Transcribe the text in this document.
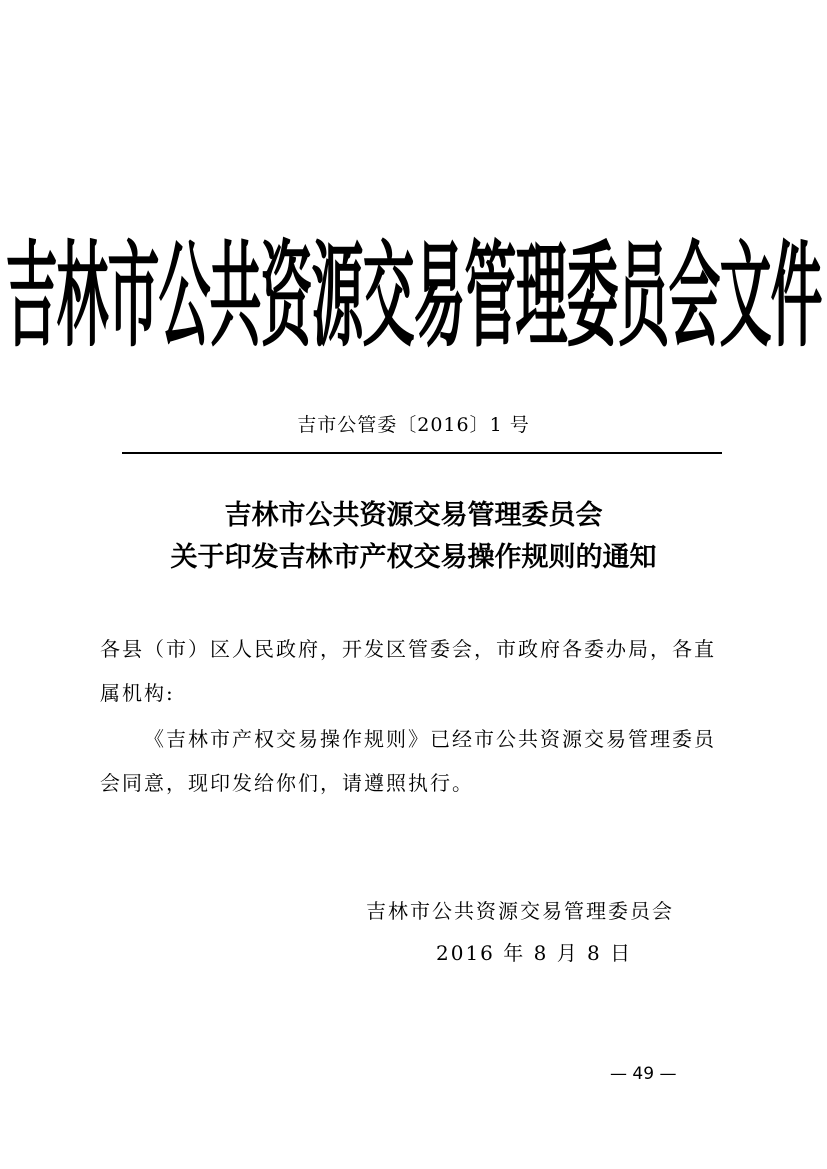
吉林市公共资源交易管理委员会文件
吉市公管委〔2016〕1 号
吉林市公共资源交易管理委员会
关于印发吉林市产权交易操作规则的通知
各县（市）区人民政府，开发区管委会，市政府各委办局，各直
属机构:
《吉林市产权交易操作规则》已经市公共资源交易管理委员
会同意，现印发给你们，请遵照执行。
吉林市公共资源交易管理委员会
2016 年 8 月 8 日
— 49 —
